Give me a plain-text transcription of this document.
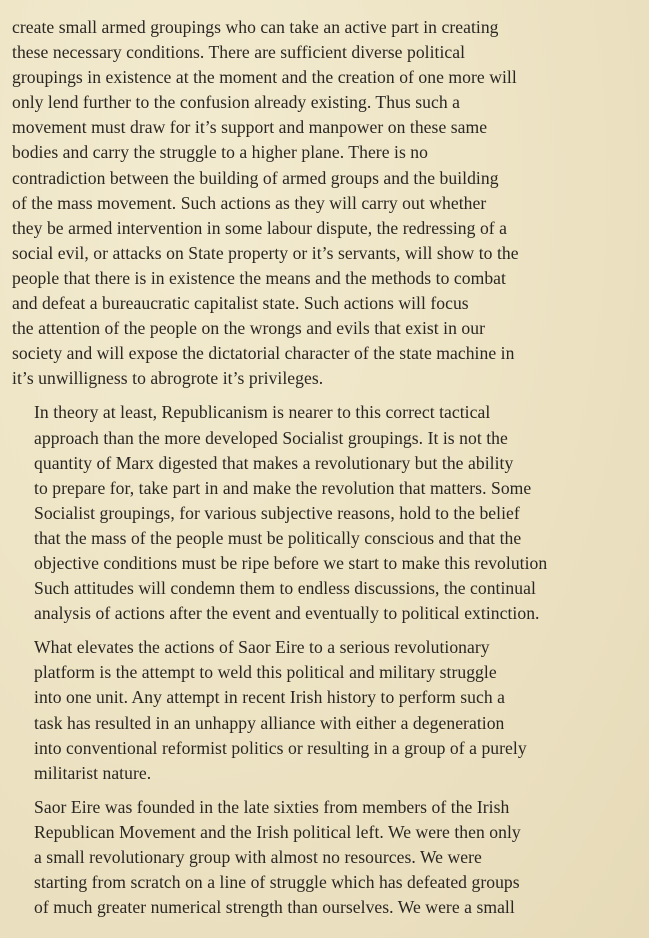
create small armed groupings who can take an active part in creating
these necessary conditions. There are sufficient diverse political
groupings in existence at the moment and the creation of one more will
only lend further to the confusion already existing. Thus such a
movement must draw for it’s support and manpower on these same
bodies and carry the struggle to a higher plane. There is no
contradiction between the building of armed groups and the building
of the mass movement. Such actions as they will carry out whether
they be armed intervention in some labour dispute, the redressing of a
social evil, or attacks on State property or it’s servants, will show to the
people that there is in existence the means and the methods to combat
and defeat a bureaucratic capitalist state. Such actions will focus
the attention of the people on the wrongs and evils that exist in our
society and will expose the dictatorial character of the state machine in
it’s unwilligness to abrogrote it’s privileges.

In theory at least, Republicanism is nearer to this correct tactical
approach than the more developed Socialist groupings. It is not the
quantity of Marx digested that makes a revolutionary but the ability
to prepare for, take part in and make the revolution that matters. Some
Socialist groupings, for various subjective reasons, hold to the belief
that the mass of the people must be politically conscious and that the
objective conditions must be ripe before we start to make this revolution
Such attitudes will condemn them to endless discussions, the continual
analysis of actions after the event and eventually to political extinction.

What elevates the actions of Saor Eire to a serious revolutionary
platform is the attempt to weld this political and military struggle
into one unit. Any attempt in recent Irish history to perform such a
task has resulted in an unhappy alliance with either a degeneration
into conventional reformist politics or resulting in a group of a purely
militarist nature.

Saor Eire was founded in the late sixties from members of the Irish
Republican Movement and the Irish political left. We were then only
a small revolutionary group with almost no resources. We were
starting from scratch on a line of struggle which has defeated groups
of much greater numerical strength than ourselves. We were a small
